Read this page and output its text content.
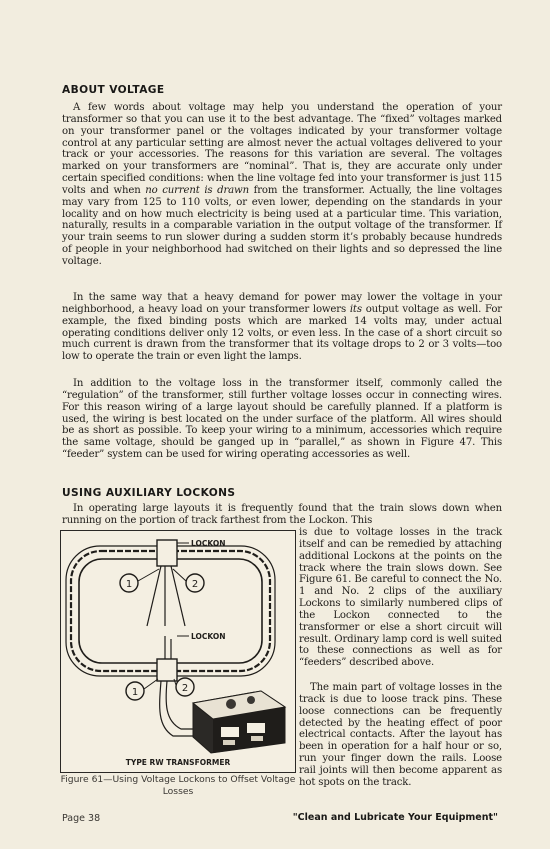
ABOUT VOLTAGE

A few words about voltage may help you understand the operation of your transformer so that you can use it to the best advantage. The “fixed” voltages marked on your transformer panel or the voltages indicated by your transformer voltage control at any particular setting are almost never the actual voltages delivered to your track or your accessories. The reasons for this variation are several. The voltages marked on your transformers are “nominal”. That is, they are accurate only under certain specified conditions: when the line voltage fed into your transformer is just 115 volts and when no current is drawn from the transformer. Actually, the line voltages may vary from 125 to 110 volts, or even lower, depending on the standards in your locality and on how much electricity is being used at a particular time. This variation, naturally, results in a comparable variation in the output voltage of the transformer. If your train seems to run slower during a sudden storm it’s probably because hundreds of people in your neighborhood had switched on their lights and so depressed the line voltage.

In the same way that a heavy demand for power may lower the voltage in your neighborhood, a heavy load on your transformer lowers its output voltage as well. For example, the fixed binding posts which are marked 14 volts may, under actual operating conditions deliver only 12 volts, or even less. In the case of a short circuit so much current is drawn from the transformer that its voltage drops to 2 or 3 volts—too low to operate the train or even light the lamps.

In addition to the voltage loss in the transformer itself, commonly called the “regulation” of the transformer, still further voltage losses occur in connecting wires. For this reason wiring of a large layout should be carefully planned. If a platform is used, the wiring is best located on the under surface of the platform. All wires should be as short as possible. To keep your wiring to a minimum, accessories which require the same voltage, should be ganged up in “parallel,” as shown in Figure 47. This “feeder” system can be used for wiring operating accessories as well.

USING AUXILIARY LOCKONS

In operating large layouts it is frequently found that the train slows down when running on the portion of track farthest from the Lockon. This

is due to voltage losses in the track itself and can be remedied by attaching additional Lockons at the points on the track where the train slows down. See Figure 61. Be careful to connect the No. 1 and No. 2 clips of the auxiliary Lockons to similarly numbered clips of the Lockon connected to the transformer or else a short circuit will result. Ordinary lamp cord is well suited to these connections as well as for “feeders” described above.

The main part of voltage losses in the track is due to loose track pins. These loose connections can be frequently detected by the heating effect of poor electrical contacts. After the layout has been in operation for a half hour or so, run your finger down the rails. Loose rail joints will then become apparent as hot spots on the track.

LOCKON
1	2
LOCKON
1	2
TYPE RW TRANSFORMER
Figure 61—Using Voltage Lockons to Offset Voltage Losses
Page 38	"Clean and Lubricate Your Equipment"
